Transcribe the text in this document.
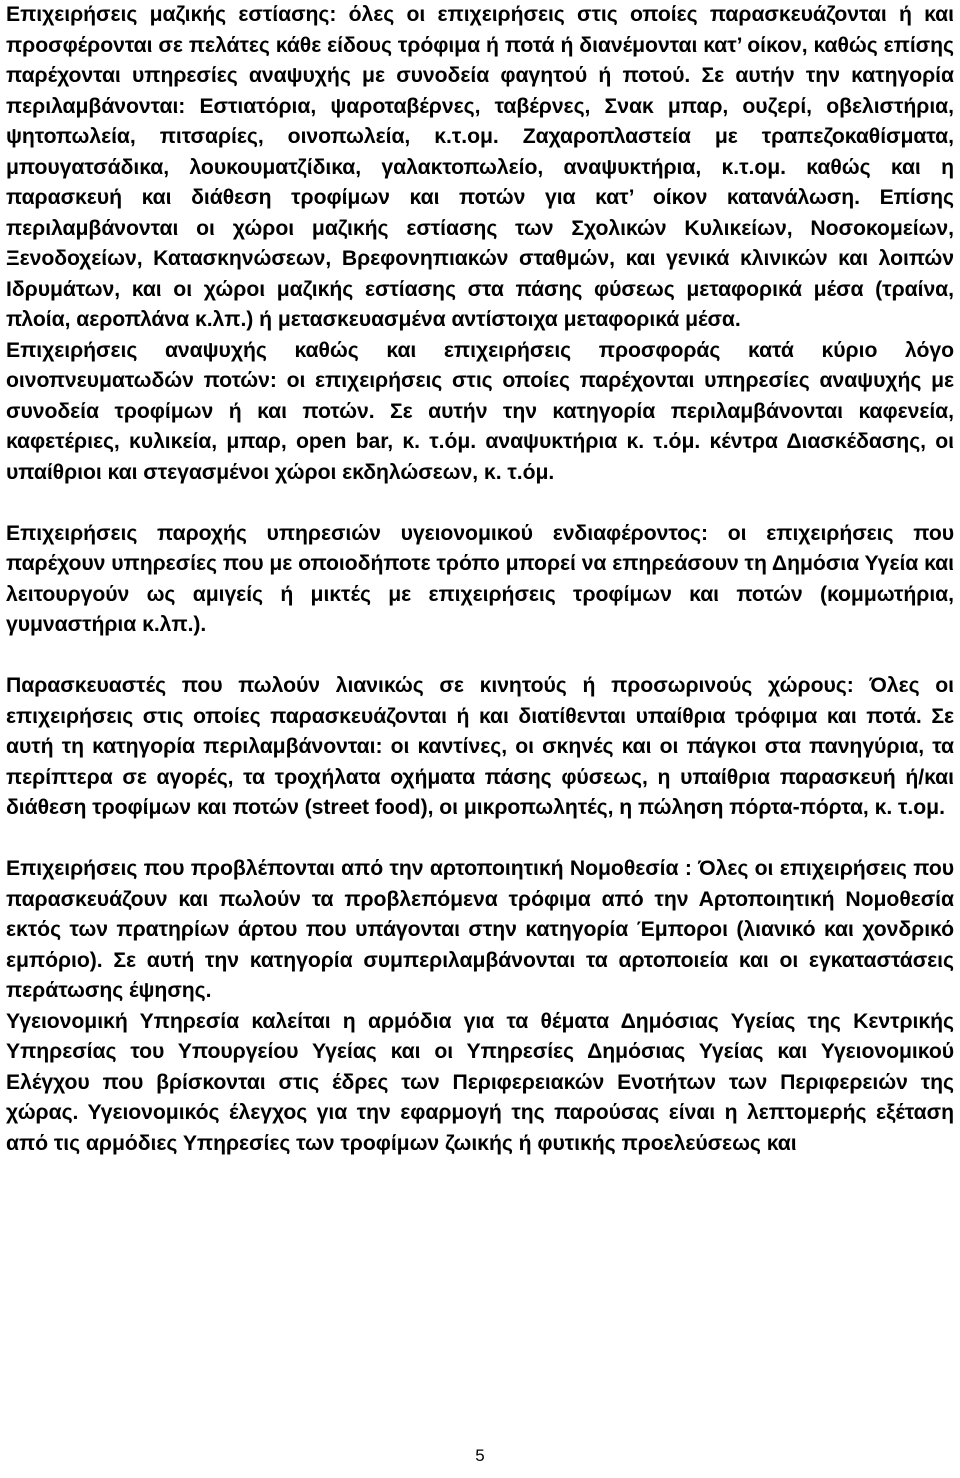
Επιχειρήσεις μαζικής εστίασης: όλες οι επιχειρήσεις στις οποίες παρασκευάζονται ή και προσφέρονται σε πελάτες κάθε είδους τρόφιμα ή ποτά ή διανέμονται κατ’ οίκον, καθώς επίσης παρέχονται υπηρεσίες αναψυχής με συνοδεία φαγητού ή ποτού. Σε αυτήν την κατηγορία περιλαμβάνονται: Εστιατόρια, ψαροταβέρνες, ταβέρνες, Σνακ μπαρ, ουζερί, οβελιστήρια, ψητοπωλεία, πιτσαρίες, οινοπωλεία, κ.τ.ομ. Ζαχαροπλαστεία με τραπεζοκαθίσματα, μπουγατσάδικα, λουκουματζίδικα, γαλακτοπωλείο, αναψυκτήρια, κ.τ.ομ. καθώς και η παρασκευή και διάθεση τροφίμων και ποτών για κατ’ οίκον κατανάλωση. Επίσης περιλαμβάνονται οι χώροι μαζικής εστίασης των Σχολικών Κυλικείων, Νοσοκομείων, Ξενοδοχείων, Κατασκηνώσεων, Βρεφονηπιακών σταθμών, και γενικά κλινικών και λοιπών Ιδρυμάτων, και οι χώροι μαζικής εστίασης στα πάσης φύσεως μεταφορικά μέσα (τραίνα, πλοία, αεροπλάνα κ.λπ.) ή μετασκευασμένα αντίστοιχα μεταφορικά μέσα.

Επιχειρήσεις αναψυχής καθώς και επιχειρήσεις προσφοράς κατά κύριο λόγο οινοπνευματωδών ποτών: οι επιχειρήσεις στις οποίες παρέχονται υπηρεσίες αναψυχής με συνοδεία τροφίμων ή και ποτών. Σε αυτήν την κατηγορία περιλαμβάνονται καφενεία, καφετέριες, κυλικεία, μπαρ, open bar, κ. τ.όμ. αναψυκτήρια κ. τ.όμ. κέντρα Διασκέδασης, οι υπαίθριοι και στεγασμένοι χώροι εκδηλώσεων, κ. τ.όμ.

Επιχειρήσεις παροχής υπηρεσιών υγειονομικού ενδιαφέροντος: οι επιχειρήσεις που παρέχουν υπηρεσίες που με οποιοδήποτε τρόπο μπορεί να επηρεάσουν τη Δημόσια Υγεία και λειτουργούν ως αμιγείς ή μικτές με επιχειρήσεις τροφίμων και ποτών (κομμωτήρια, γυμναστήρια κ.λπ.).

Παρασκευαστές που πωλούν λιανικώς σε κινητούς ή προσωρινούς χώρους: Όλες οι επιχειρήσεις στις οποίες παρασκευάζονται ή και διατίθενται υπαίθρια τρόφιμα και ποτά. Σε αυτή τη κατηγορία περιλαμβάνονται: οι καντίνες, οι σκηνές και οι πάγκοι στα πανηγύρια, τα περίπτερα σε αγορές, τα τροχήλατα οχήματα πάσης φύσεως, η υπαίθρια παρασκευή ή/και διάθεση τροφίμων και ποτών (street food), οι μικροπωλητές, η πώληση πόρτα-πόρτα, κ. τ.ομ.

Επιχειρήσεις που προβλέπονται από την αρτοποιητική Νομοθεσία : Όλες οι επιχειρήσεις που παρασκευάζουν και πωλούν τα προβλεπόμενα τρόφιμα από την Αρτοποιητική Νομοθεσία εκτός των πρατηρίων άρτου που υπάγονται στην κατηγορία Έμποροι (λιανικό και χονδρικό εμπόριο). Σε αυτή την κατηγορία συμπεριλαμβάνονται τα αρτοποιεία και οι εγκαταστάσεις περάτωσης έψησης.

Υγειονομική Υπηρεσία καλείται η αρμόδια για τα θέματα Δημόσιας Υγείας της Κεντρικής Υπηρεσίας του Υπουργείου Υγείας και οι Υπηρεσίες Δημόσιας Υγείας και Υγειονομικού Ελέγχου που βρίσκονται στις έδρες των Περιφερειακών Ενοτήτων των Περιφερειών της χώρας. Υγειονομικός έλεγχος για την εφαρμογή της παρούσας είναι η λεπτομερής εξέταση από τις αρμόδιες Υπηρεσίες των τροφίμων ζωικής ή φυτικής προελεύσεως και

5
